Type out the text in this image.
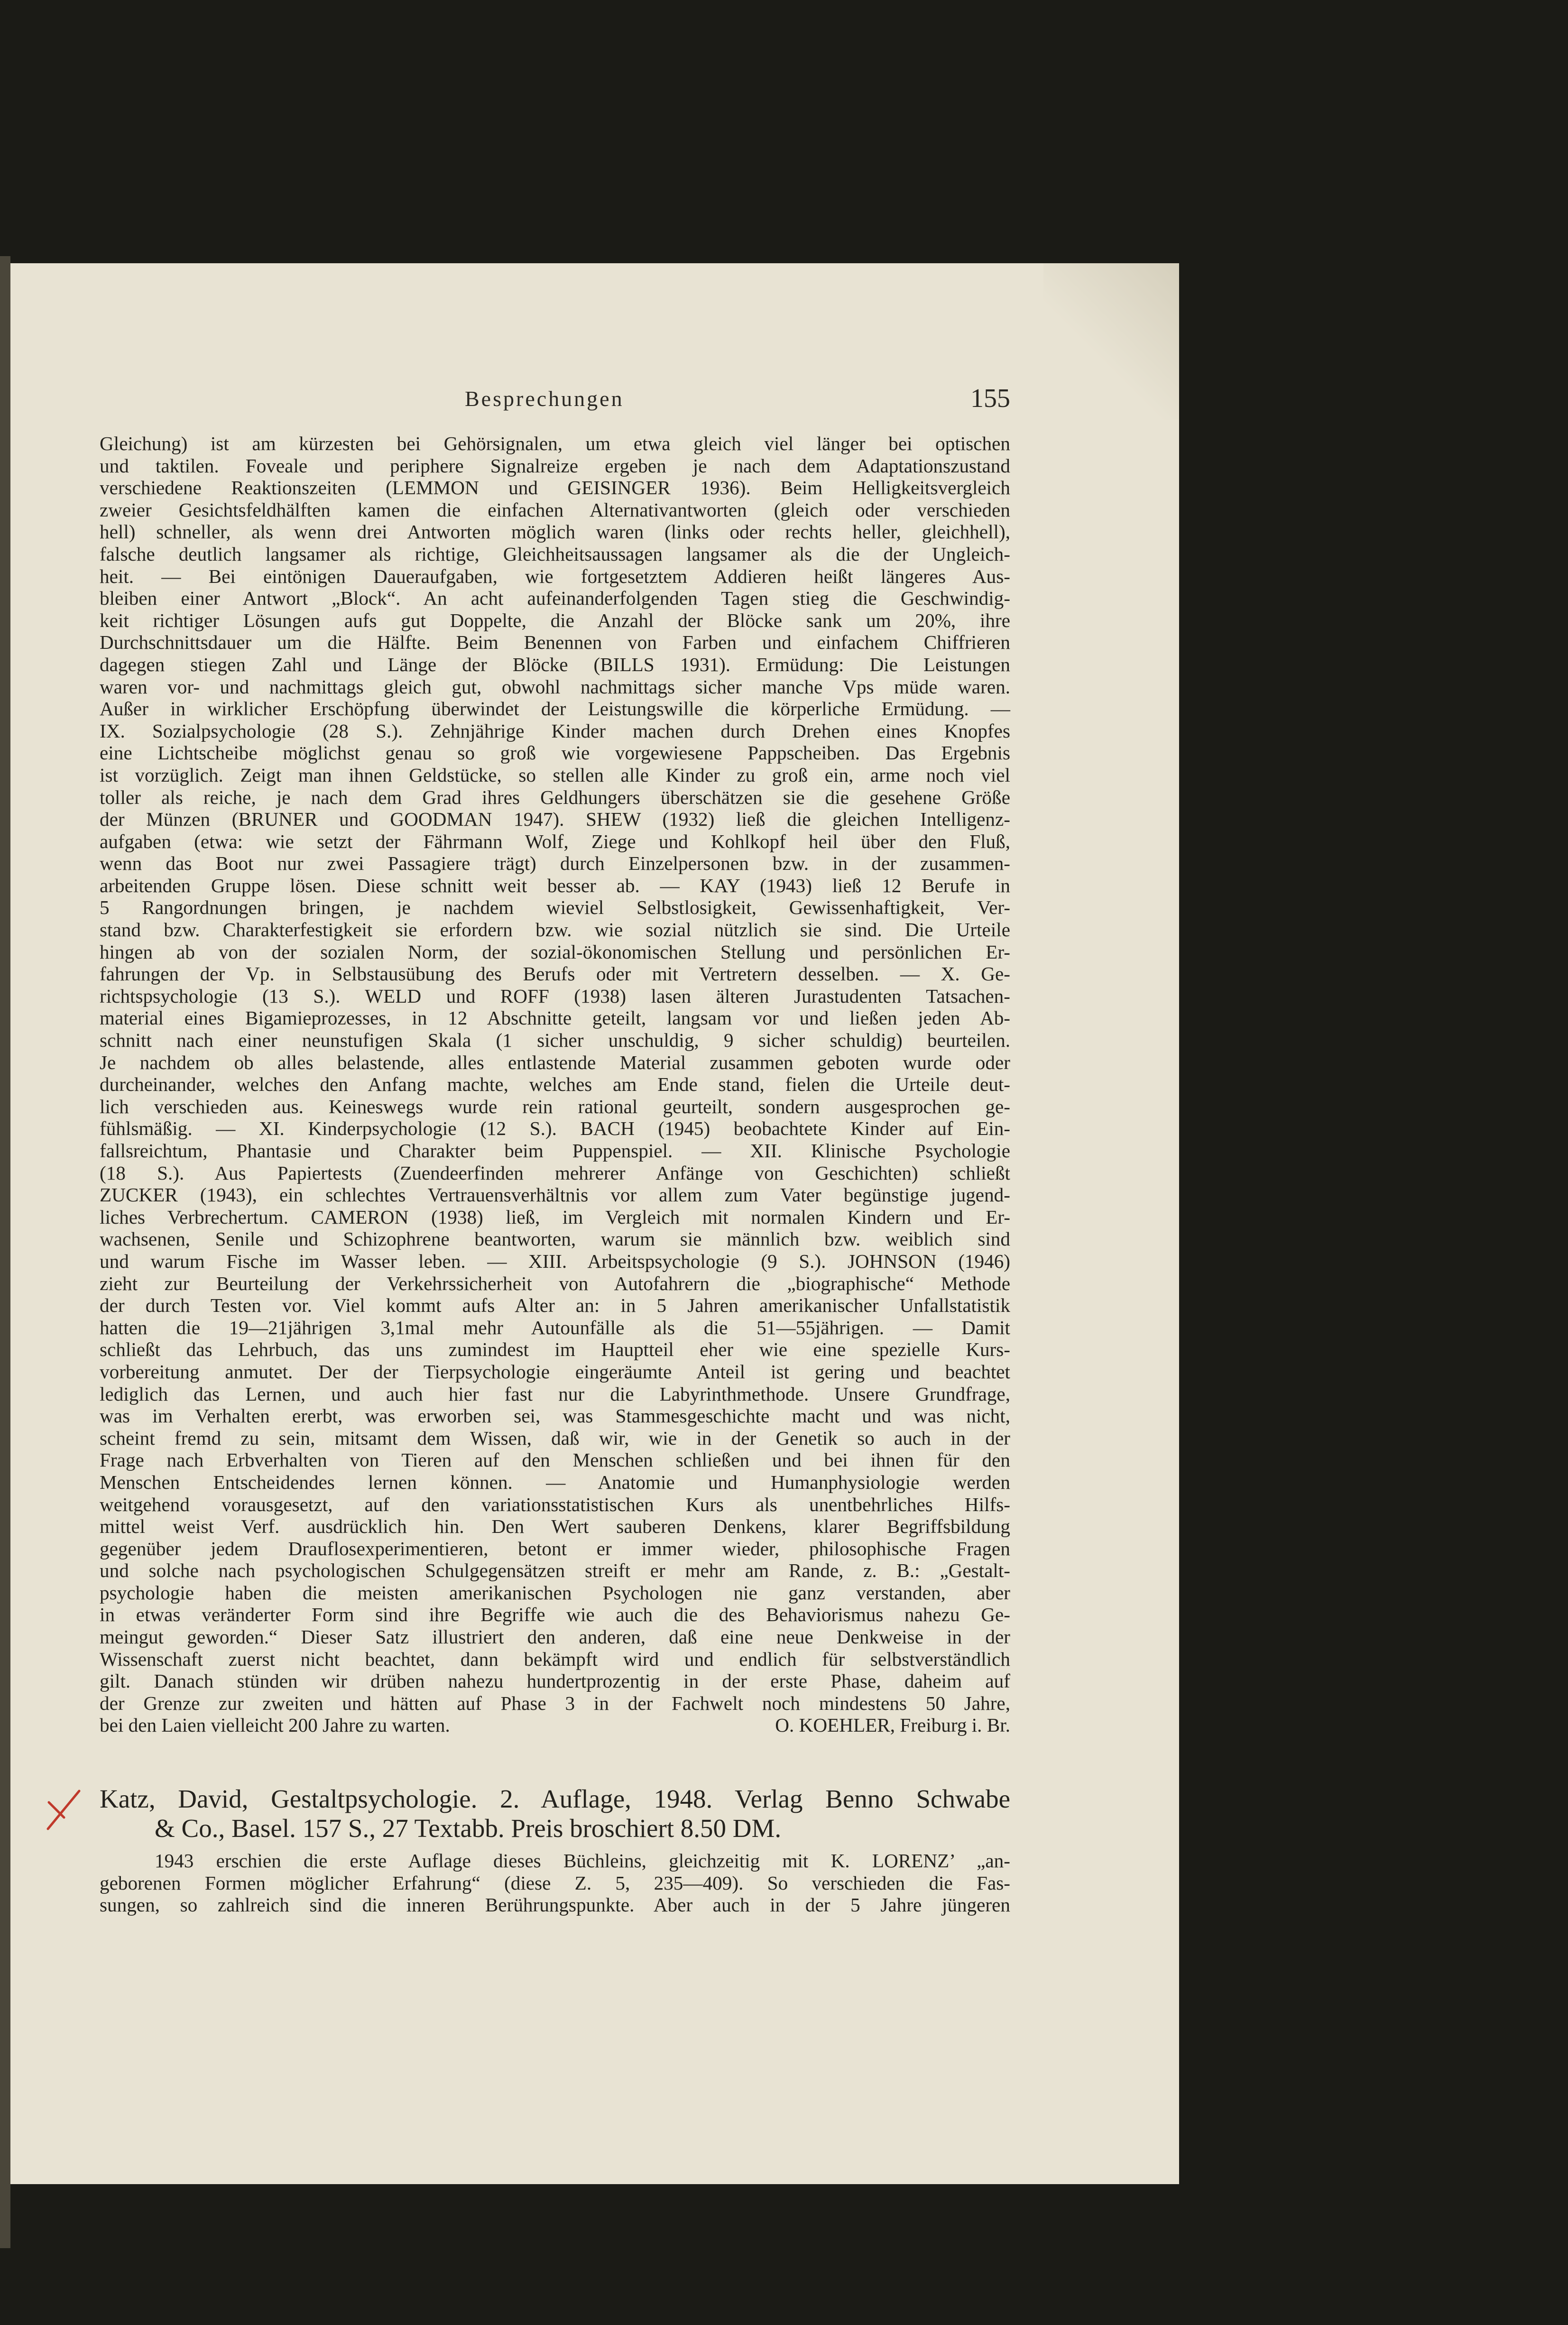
Besprechungen	155
Gleichung) ist am kürzesten bei Gehörsignalen, um etwa gleich viel länger bei optischen
und taktilen. Foveale und periphere Signalreize ergeben je nach dem Adaptationszustand
verschiedene Reaktionszeiten (LEMMON und GEISINGER 1936). Beim Helligkeitsvergleich
zweier Gesichtsfeldhälften kamen die einfachen Alternativantworten (gleich oder verschieden
hell) schneller, als wenn drei Antworten möglich waren (links oder rechts heller, gleichhell),
falsche deutlich langsamer als richtige, Gleichheitsaussagen langsamer als die der Ungleich-
heit. — Bei eintönigen Daueraufgaben, wie fortgesetztem Addieren heißt längeres Aus-
bleiben einer Antwort „Block“. An acht aufeinanderfolgenden Tagen stieg die Geschwindig-
keit richtiger Lösungen aufs gut Doppelte, die Anzahl der Blöcke sank um 20%, ihre
Durchschnittsdauer um die Hälfte. Beim Benennen von Farben und einfachem Chiffrieren
dagegen stiegen Zahl und Länge der Blöcke (BILLS 1931). Ermüdung: Die Leistungen
waren vor- und nachmittags gleich gut, obwohl nachmittags sicher manche Vps müde waren.
Außer in wirklicher Erschöpfung überwindet der Leistungswille die körperliche Ermüdung. —
IX. Sozialpsychologie (28 S.). Zehnjährige Kinder machen durch Drehen eines Knopfes
eine Lichtscheibe möglichst genau so groß wie vorgewiesene Pappscheiben. Das Ergebnis
ist vorzüglich. Zeigt man ihnen Geldstücke, so stellen alle Kinder zu groß ein, arme noch viel
toller als reiche, je nach dem Grad ihres Geldhungers überschätzen sie die gesehene Größe
der Münzen (BRUNER und GOODMAN 1947). SHEW (1932) ließ die gleichen Intelligenz-
aufgaben (etwa: wie setzt der Fährmann Wolf, Ziege und Kohlkopf heil über den Fluß,
wenn das Boot nur zwei Passagiere trägt) durch Einzelpersonen bzw. in der zusammen-
arbeitenden Gruppe lösen. Diese schnitt weit besser ab. — KAY (1943) ließ 12 Berufe in
5 Rangordnungen bringen, je nachdem wieviel Selbstlosigkeit, Gewissenhaftigkeit, Ver-
stand bzw. Charakterfestigkeit sie erfordern bzw. wie sozial nützlich sie sind. Die Urteile
hingen ab von der sozialen Norm, der sozial-ökonomischen Stellung und persönlichen Er-
fahrungen der Vp. in Selbstausübung des Berufs oder mit Vertretern desselben. — X. Ge-
richtspsychologie (13 S.). WELD und ROFF (1938) lasen älteren Jurastudenten Tatsachen-
material eines Bigamieprozesses, in 12 Abschnitte geteilt, langsam vor und ließen jeden Ab-
schnitt nach einer neunstufigen Skala (1 sicher unschuldig, 9 sicher schuldig) beurteilen.
Je nachdem ob alles belastende, alles entlastende Material zusammen geboten wurde oder
durcheinander, welches den Anfang machte, welches am Ende stand, fielen die Urteile deut-
lich verschieden aus. Keineswegs wurde rein rational geurteilt, sondern ausgesprochen ge-
fühlsmäßig. — XI. Kinderpsychologie (12 S.). BACH (1945) beobachtete Kinder auf Ein-
fallsreichtum, Phantasie und Charakter beim Puppenspiel. — XII. Klinische Psychologie
(18 S.). Aus Papiertests (Zuendeerfinden mehrerer Anfänge von Geschichten) schließt
ZUCKER (1943), ein schlechtes Vertrauensverhältnis vor allem zum Vater begünstige jugend-
liches Verbrechertum. CAMERON (1938) ließ, im Vergleich mit normalen Kindern und Er-
wachsenen, Senile und Schizophrene beantworten, warum sie männlich bzw. weiblich sind
und warum Fische im Wasser leben. — XIII. Arbeitspsychologie (9 S.). JOHNSON (1946)
zieht zur Beurteilung der Verkehrssicherheit von Autofahrern die „biographische“ Methode
der durch Testen vor. Viel kommt aufs Alter an: in 5 Jahren amerikanischer Unfallstatistik
hatten die 19—21jährigen 3,1mal mehr Autounfälle als die 51—55jährigen. — Damit
schließt das Lehrbuch, das uns zumindest im Hauptteil eher wie eine spezielle Kurs-
vorbereitung anmutet. Der der Tierpsychologie eingeräumte Anteil ist gering und beachtet
lediglich das Lernen, und auch hier fast nur die Labyrinthmethode. Unsere Grundfrage,
was im Verhalten ererbt, was erworben sei, was Stammesgeschichte macht und was nicht,
scheint fremd zu sein, mitsamt dem Wissen, daß wir, wie in der Genetik so auch in der
Frage nach Erbverhalten von Tieren auf den Menschen schließen und bei ihnen für den
Menschen Entscheidendes lernen können. — Anatomie und Humanphysiologie werden
weitgehend vorausgesetzt, auf den variationsstatistischen Kurs als unentbehrliches Hilfs-
mittel weist Verf. ausdrücklich hin. Den Wert sauberen Denkens, klarer Begriffsbildung
gegenüber jedem Drauflosexperimentieren, betont er immer wieder, philosophische Fragen
und solche nach psychologischen Schulgegensätzen streift er mehr am Rande, z. B.: „Gestalt-
psychologie haben die meisten amerikanischen Psychologen nie ganz verstanden, aber
in etwas veränderter Form sind ihre Begriffe wie auch die des Behaviorismus nahezu Ge-
meingut geworden.“ Dieser Satz illustriert den anderen, daß eine neue Denkweise in der
Wissenschaft zuerst nicht beachtet, dann bekämpft wird und endlich für selbstverständlich
gilt. Danach stünden wir drüben nahezu hundertprozentig in der erste Phase, daheim auf
der Grenze zur zweiten und hätten auf Phase 3 in der Fachwelt noch mindestens 50 Jahre,
bei den Laien vielleicht 200 Jahre zu warten.	O. KOEHLER, Freiburg i. Br.
Katz, David, Gestaltpsychologie. 2. Auflage, 1948. Verlag Benno Schwabe
& Co., Basel. 157 S., 27 Textabb. Preis broschiert 8.50 DM.
1943 erschien die erste Auflage dieses Büchleins, gleichzeitig mit K. LORENZ’ „an-
geborenen Formen möglicher Erfahrung“ (diese Z. 5, 235—409). So verschieden die Fas-
sungen, so zahlreich sind die inneren Berührungspunkte. Aber auch in der 5 Jahre jüngeren
